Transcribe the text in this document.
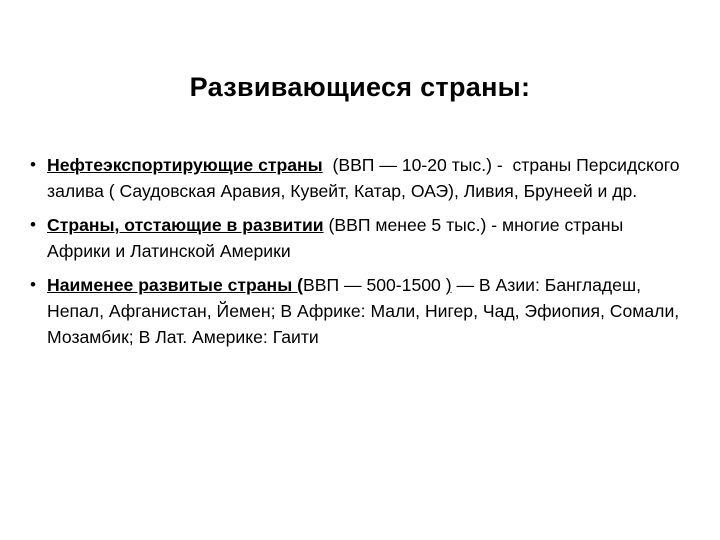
Развивающиеся страны:
• Нефтеэкспортирующие страны  (ВВП — 10-20 тыс.) -  страны Персидского залива ( Саудовская Аравия, Кувейт, Катар, ОАЭ), Ливия, Брунеей и др.
• Страны, отстающие в развитии (ВВП менее 5 тыс.) - многие страны Африки и Латинской Америки
• Наименее развитые страны (ВВП — 500-1500 ) — В Азии: Бангладеш, Непал, Афганистан, Йемен; В Африке: Мали, Нигер, Чад, Эфиопия, Сомали, Мозамбик; В Лат. Америке: Гаити
